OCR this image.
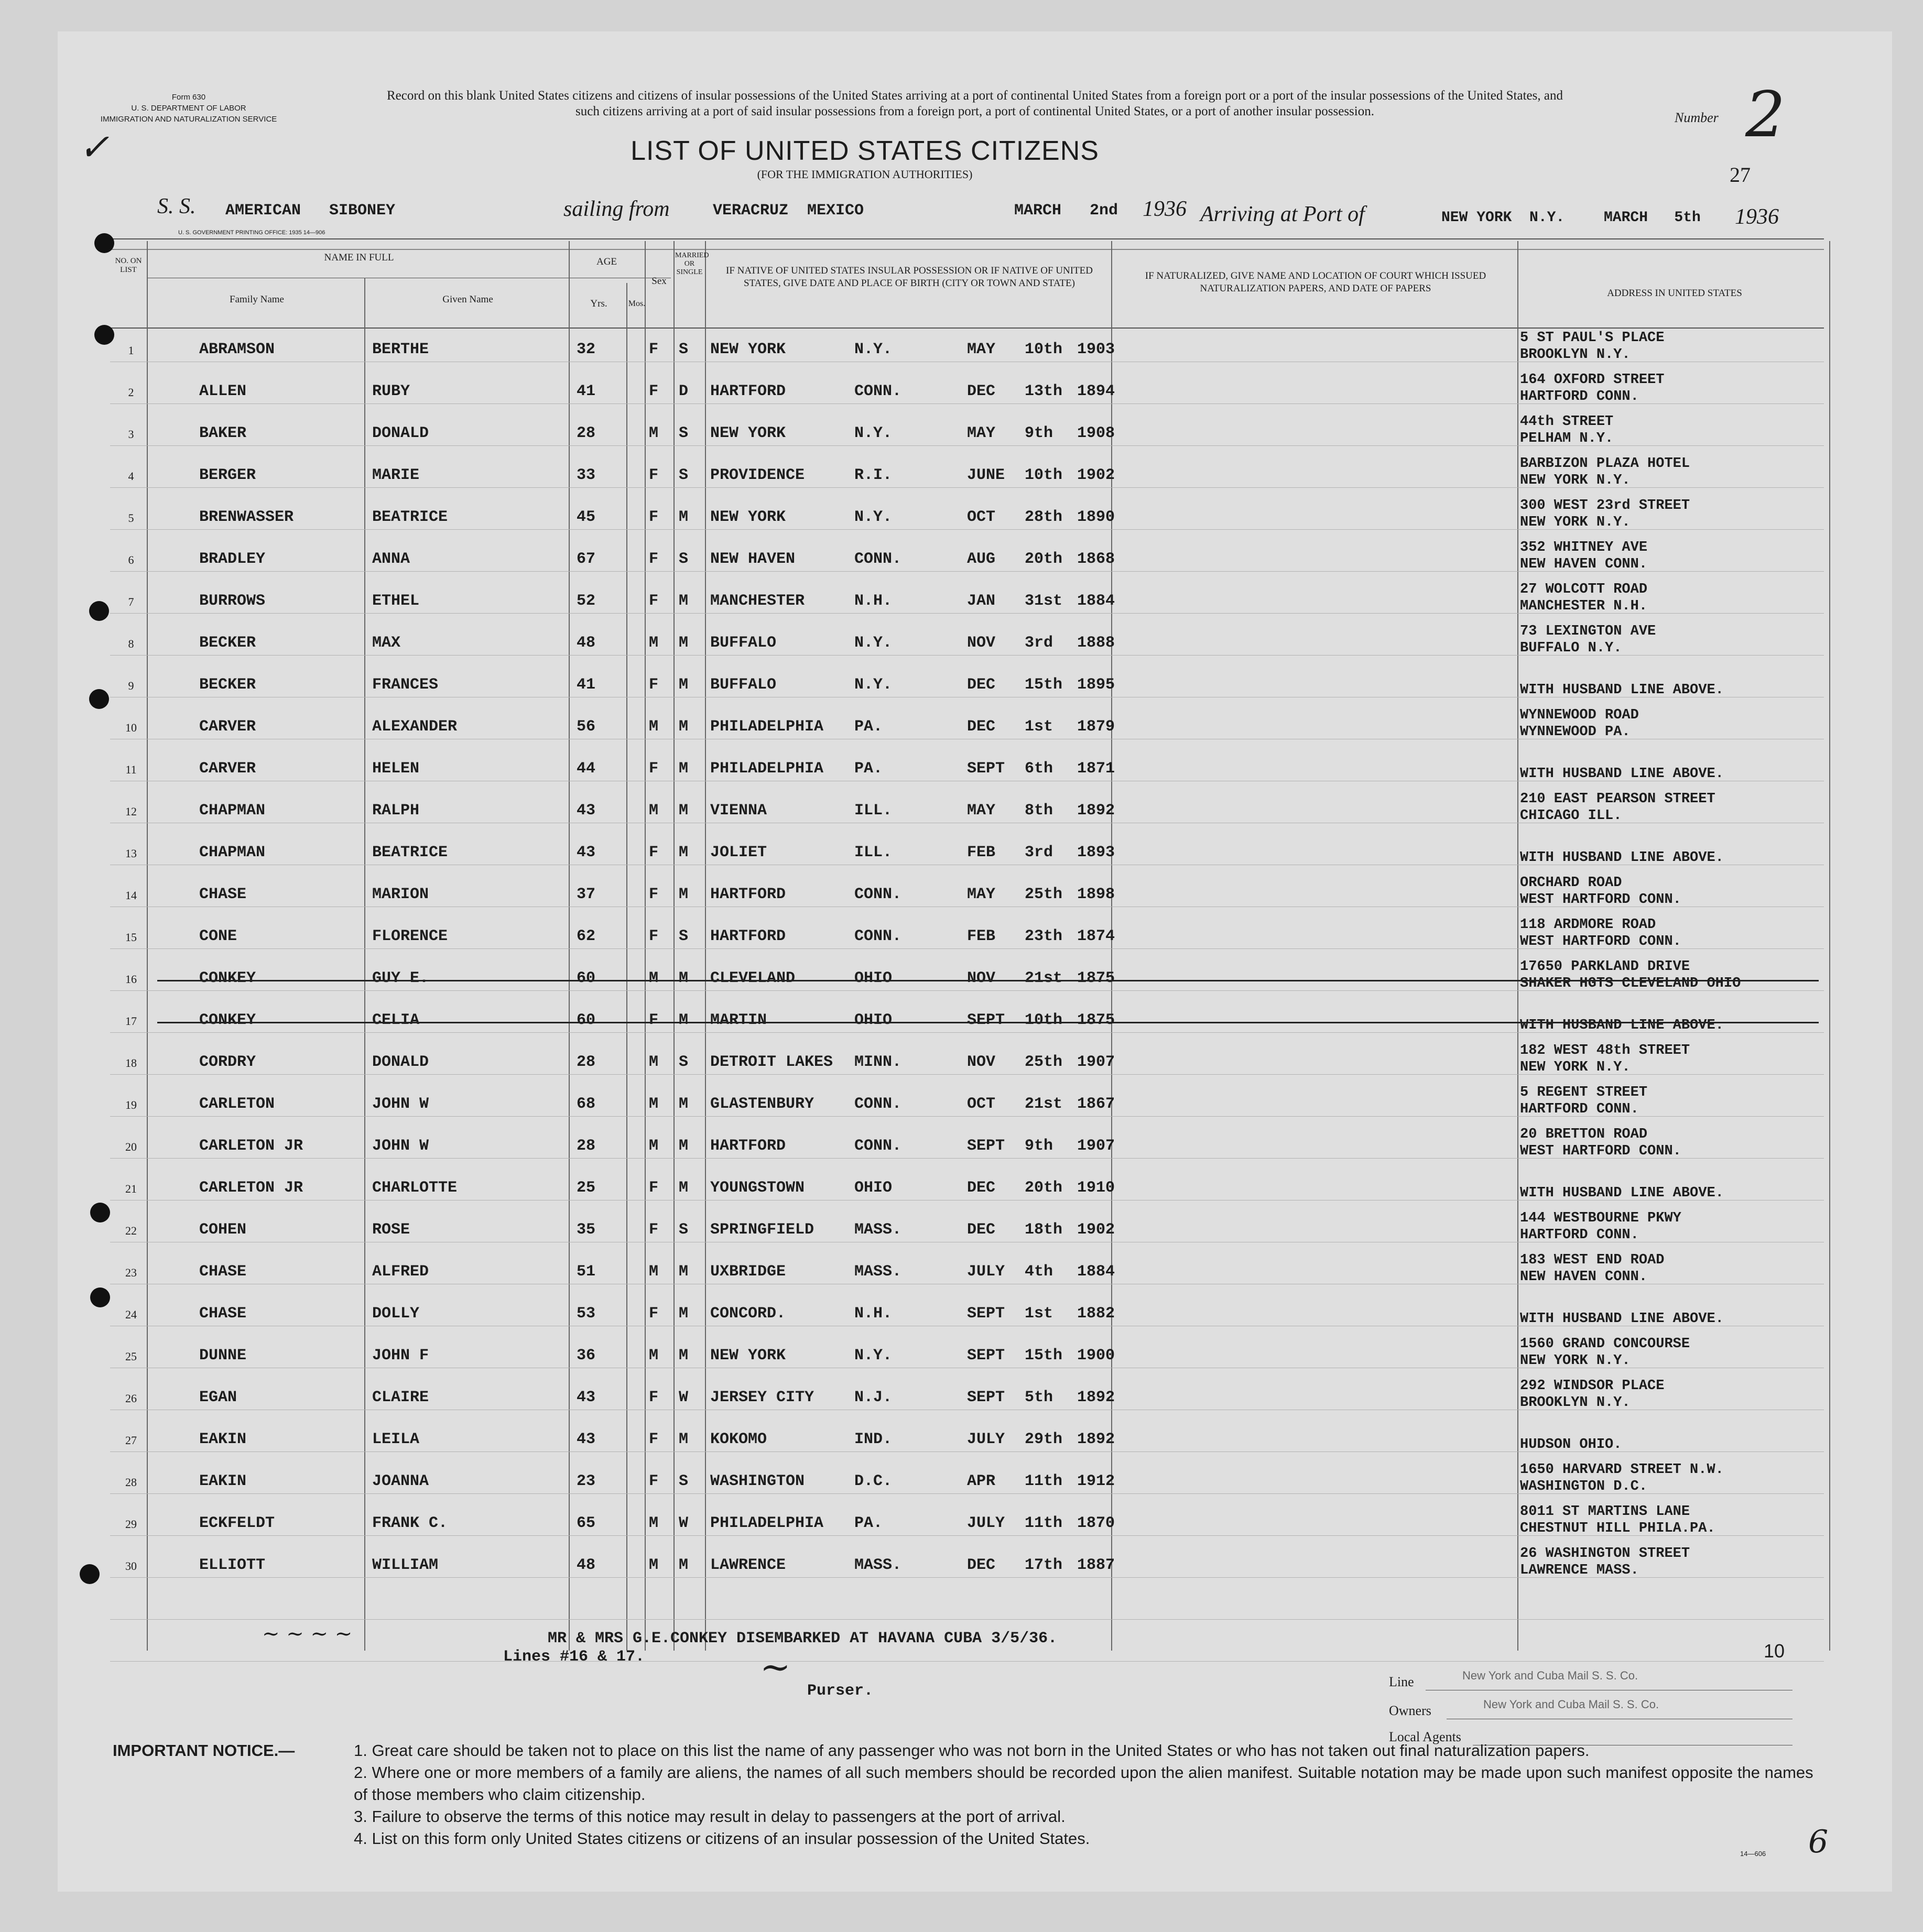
Form 630
U. S. DEPARTMENT OF LABOR
IMMIGRATION AND NATURALIZATION SERVICE
✓
Record on this blank United States citizens and citizens of insular possessions of the United States arriving at a port of continental United States from a foreign port or a port of the insular possessions of the United States, and such citizens arriving at a port of said insular possessions from a foreign port, a port of continental United States, or a port of another insular possession.	Number 2
27
LIST OF UNITED STATES CITIZENS
(FOR THE IMMIGRATION AUTHORITIES)
S. S. AMERICAN   SIBONEY	sailing from	VERACRUZ  MEXICO	MARCH   2nd 1936 Arriving at Port of	NEW YORK  N.Y.	MARCH   5th 1936
U. S. GOVERNMENT PRINTING OFFICE: 1935 14—906
NO. ON LIST
NAME IN FULL
Family Name	Given Name
AGE
Yrs.	Mos.
Sex
MARRIED OR SINGLE	IF NATIVE OF UNITED STATES INSULAR POSSESSION OR IF NATIVE OF UNITED STATES, GIVE DATE AND PLACE OF BIRTH (CITY OR TOWN AND STATE)
IF NATURALIZED, GIVE NAME AND LOCATION OF COURT WHICH ISSUED NATURALIZATION PAPERS, AND DATE OF PAPERS	ADDRESS IN UNITED STATES
1	ABRAMSON	BERTHE	32	F S NEW YORK	N.Y.	MAY 10th 1903
5 ST PAUL'S PLACE
BROOKLYN N.Y.
2	ALLEN	RUBY	41	F D HARTFORD	CONN.	DEC 13th 1894
164 OXFORD STREET
HARTFORD CONN.
3	BAKER	DONALD	28	M S NEW YORK	N.Y.	MAY 9th 1908
44th STREET
PELHAM N.Y.
4	BERGER	MARIE	33	F S PROVIDENCE	R.I.	JUNE 10th 1902
BARBIZON PLAZA HOTEL
NEW YORK N.Y.
5	BRENWASSER	BEATRICE	45	F M NEW YORK	N.Y.	OCT 28th 1890
300 WEST 23rd STREET
NEW YORK N.Y.
6	BRADLEY	ANNA	67	F S NEW HAVEN	CONN.	AUG 20th 1868
352 WHITNEY AVE
NEW HAVEN CONN.
7	BURROWS	ETHEL	52	F M MANCHESTER	N.H.	JAN 31st 1884
27 WOLCOTT ROAD
MANCHESTER N.H.
8	BECKER	MAX	48	M M BUFFALO	N.Y.	NOV 3rd 1888
73 LEXINGTON AVE
BUFFALO N.Y.
9	BECKER	FRANCES	41	F M BUFFALO	N.Y.	DEC 15th 1895	WITH HUSBAND LINE ABOVE.
10	CARVER	ALEXANDER	56	M M PHILADELPHIA PA.	DEC 1st 1879
WYNNEWOOD ROAD
WYNNEWOOD PA.
11	CARVER	HELEN	44	F M PHILADELPHIA PA.	SEPT 6th 1871	WITH HUSBAND LINE ABOVE.
12	CHAPMAN	RALPH	43	M M VIENNA	ILL.	MAY 8th 1892
210 EAST PEARSON STREET
CHICAGO ILL.
13	CHAPMAN	BEATRICE	43	F M JOLIET	ILL.	FEB 3rd 1893	WITH HUSBAND LINE ABOVE.
14	CHASE	MARION	37	F M HARTFORD	CONN.	MAY 25th 1898
ORCHARD ROAD
WEST HARTFORD CONN.
15	CONE	FLORENCE	62	F S HARTFORD	CONN.	FEB 23th 1874
118 ARDMORE ROAD
WEST HARTFORD CONN.
16	CONKEY	GUY E.	60	M M CLEVELAND	OHIO	NOV 21st 1875
17650 PARKLAND DRIVE
SHAKER HGTS CLEVELAND OHIO
17	CONKEY	CELIA	60	F M MARTIN	OHIO	SEPT 10th 1875	WITH HUSBAND LINE ABOVE.
18	CORDRY	DONALD	28	M S DETROIT LAKES MINN.	NOV 25th 1907
182 WEST 48th STREET
NEW YORK N.Y.
19	CARLETON	JOHN W	68	M M GLASTENBURY	CONN.	OCT 21st 1867
5 REGENT STREET
HARTFORD CONN.
20	CARLETON JR	JOHN W	28	M M HARTFORD	CONN.	SEPT 9th 1907
20 BRETTON ROAD
WEST HARTFORD CONN.
21	CARLETON JR	CHARLOTTE	25	F M YOUNGSTOWN	OHIO	DEC 20th 1910	WITH HUSBAND LINE ABOVE.
22	COHEN	ROSE	35	F S SPRINGFIELD	MASS.	DEC 18th 1902
144 WESTBOURNE PKWY
HARTFORD CONN.
23	CHASE	ALFRED	51	M M UXBRIDGE	MASS.	JULY 4th 1884
183 WEST END ROAD
NEW HAVEN CONN.
24	CHASE	DOLLY	53	F M CONCORD.	N.H.	SEPT 1st 1882	WITH HUSBAND LINE ABOVE.
25	DUNNE	JOHN F	36	M M NEW YORK	N.Y.	SEPT 15th 1900
1560 GRAND CONCOURSE
NEW YORK N.Y.
26	EGAN	CLAIRE	43	F W JERSEY CITY	N.J.	SEPT 5th 1892
292 WINDSOR PLACE
BROOKLYN N.Y.
27	EAKIN	LEILA	43	F M KOKOMO	IND.	JULY 29th 1892	HUDSON OHIO.
28	EAKIN	JOANNA	23	F S WASHINGTON	D.C.	APR 11th 1912
1650 HARVARD STREET N.W.
WASHINGTON D.C.
29	ECKFELDT	FRANK C.	65	M W PHILADELPHIA PA.	JULY 11th 1870
8011 ST MARTINS LANE
CHESTNUT HILL PHILA.PA.
30	ELLIOTT	WILLIAM	48	M M LAWRENCE	MASS.	DEC 17th 1887
26 WASHINGTON STREET
LAWRENCE MASS.
~ ~ ~ ~	MR & MRS G.E.CONKEY DISEMBARKED AT HAVANA CUBA 3/5/36.
Lines #16 & 17.	~
Purser.
10
Line
Owners
Local Agents
New York and Cuba Mail S. S. Co.
New York and Cuba Mail S. S. Co.
IMPORTANT NOTICE.—	1. Great care should be taken not to place on this list the name of any passenger who was not born in the United States or who has not taken out final naturalization papers.
2. Where one or more members of a family are aliens, the names of all such members should be recorded upon the alien manifest. Suitable notation may be made upon such manifest opposite the names of those members who claim citizenship.
3. Failure to observe the terms of this notice may result in delay to passengers at the port of arrival.
4. List on this form only United States citizens or citizens of an insular possession of the United States.
14—606 6
